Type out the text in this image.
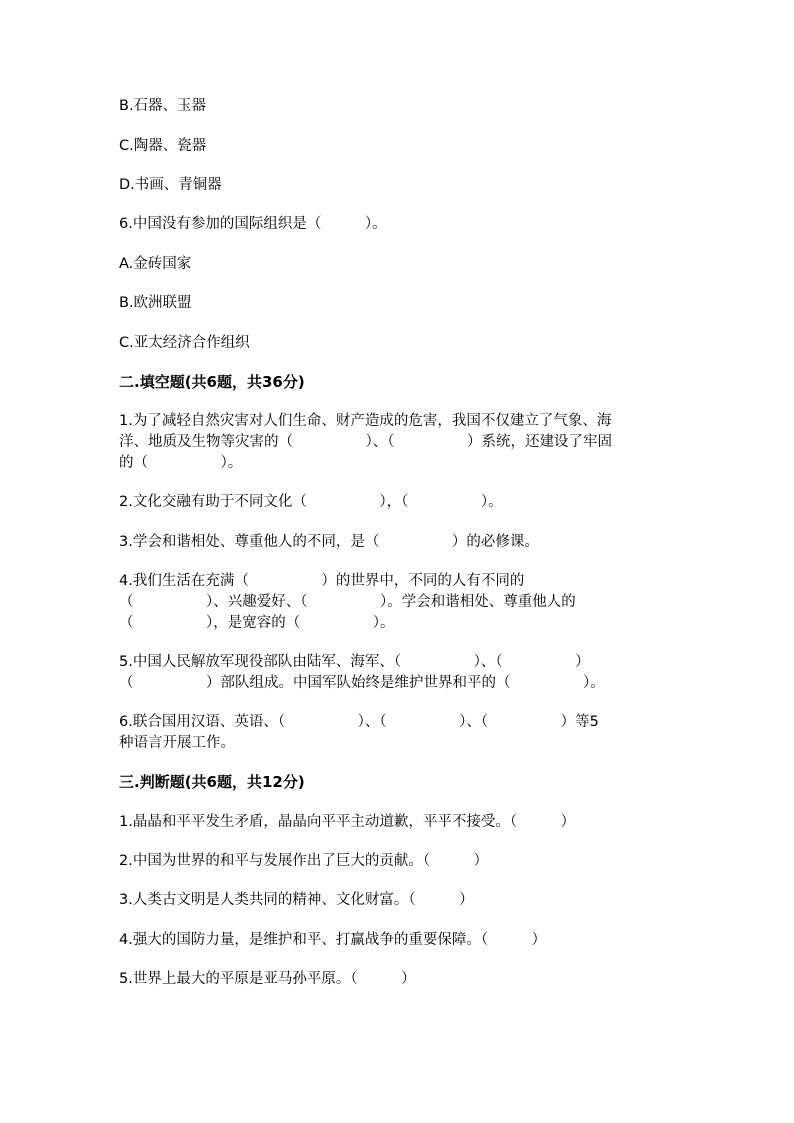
B.石器、玉器
C.陶器、瓷器
D.书画、青铜器
6.中国没有参加的国际组织是（　　　）。
A.金砖国家
B.欧洲联盟
C.亚太经济合作组织
二.填空题(共6题，共36分)
1.为了减轻自然灾害对人们生命、财产造成的危害，我国不仅建立了气象、海
洋、地质及生物等灾害的（　　　　　）、（　　　　　）系统，还建设了牢固
的（　　　　　）。
2.文化交融有助于不同文化（　　　　　），（　　　　　）。
3.学会和谐相处、尊重他人的不同，是（　　　　　）的必修课。
4.我们生活在充满（　　　　　）的世界中，不同的人有不同的
（　　　　　）、兴趣爱好、（　　　　　）。学会和谐相处、尊重他人的
（　　　　　），是宽容的（　　　　　）。
5.中国人民解放军现役部队由陆军、海军、（　　　　　）、（　　　　　）
（　　　　　）部队组成。中国军队始终是维护世界和平的（　　　　　）。
6.联合国用汉语、英语、（　　　　　）、（　　　　　）、（　　　　　）等5
种语言开展工作。
三.判断题(共6题，共12分)
1.晶晶和平平发生矛盾，晶晶向平平主动道歉，平平不接受。（　　　）
2.中国为世界的和平与发展作出了巨大的贡献。（　　　）
3.人类古文明是人类共同的精神、文化财富。（　　　）
4.强大的国防力量，是维护和平、打赢战争的重要保障。（　　　）
5.世界上最大的平原是亚马孙平原。（　　　）
